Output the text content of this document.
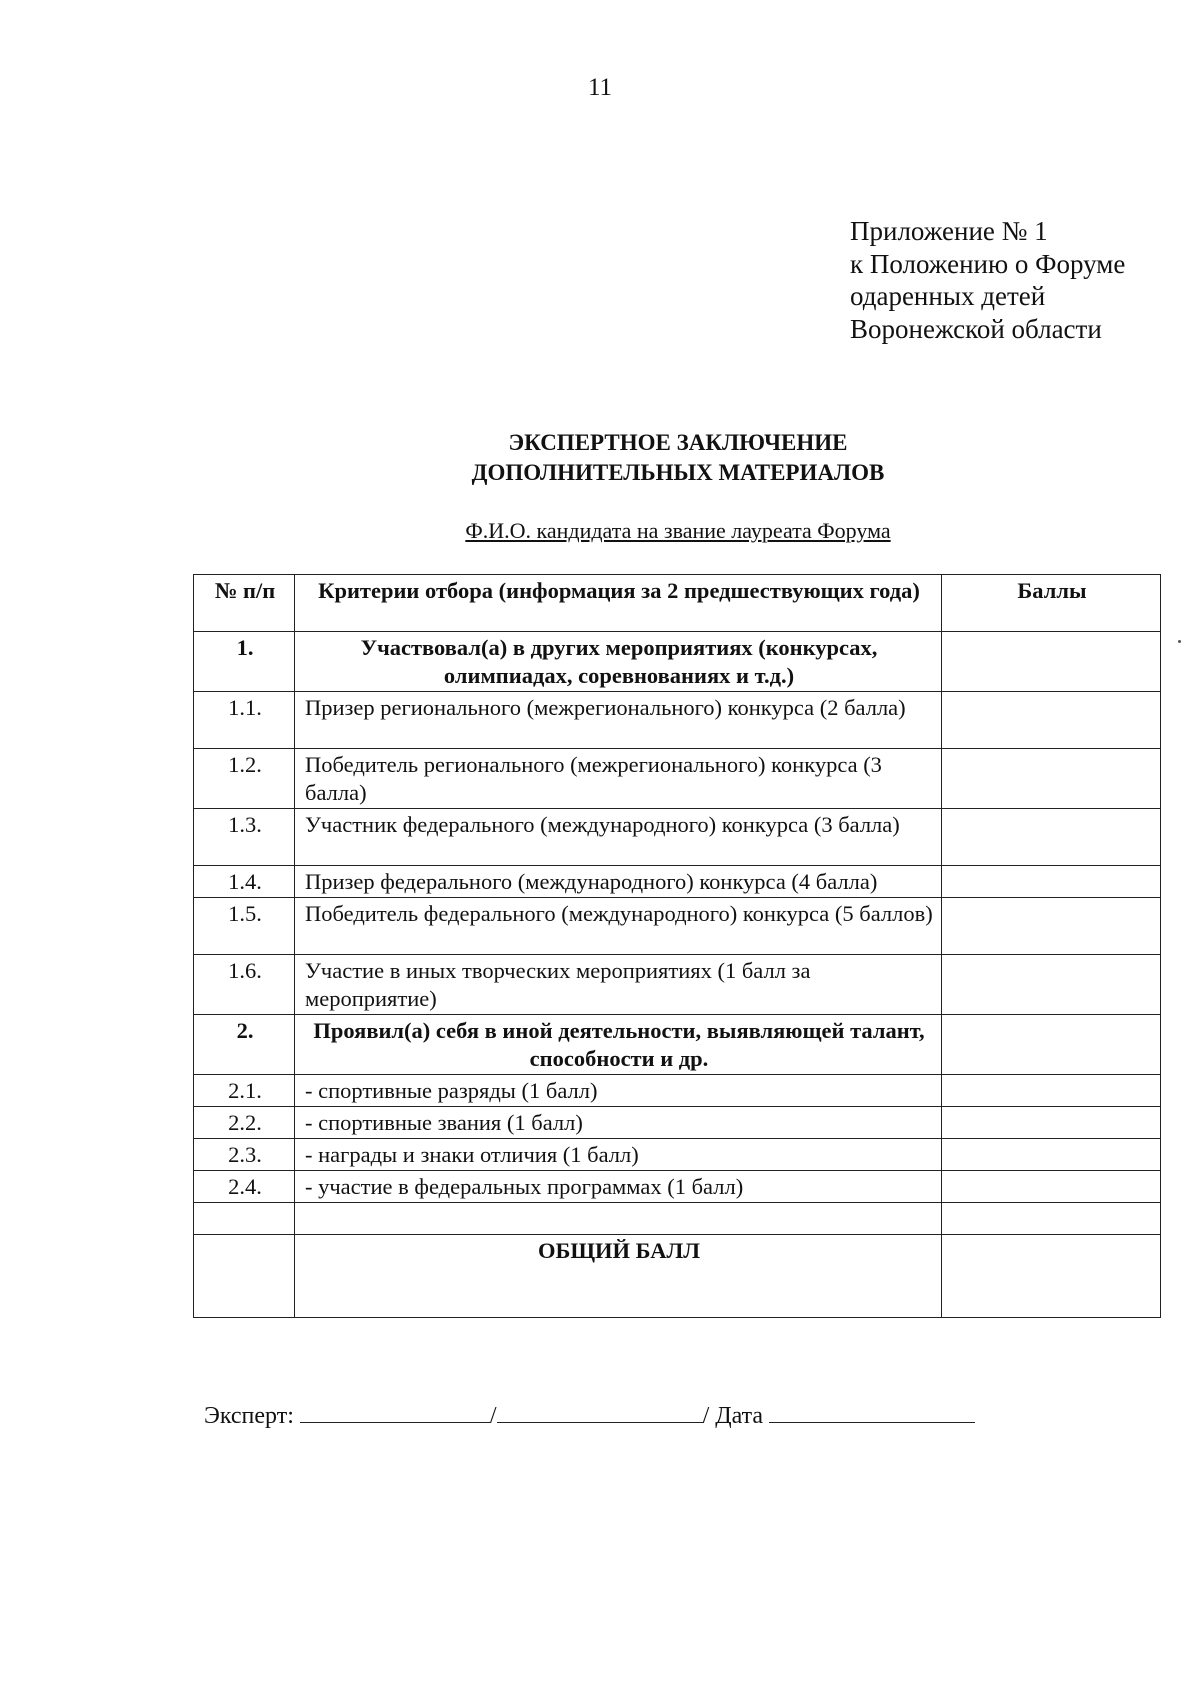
11
Приложение № 1
к Положению о Форуме
одаренных детей
Воронежской области
ЭКСПЕРТНОЕ ЗАКЛЮЧЕНИЕ
ДОПОЛНИТЕЛЬНЫХ МАТЕРИАЛОВ
Ф.И.О. кандидата на звание лауреата Форума
№ п/п	Критерии отбора (информация за 2 предшествующих года)	Баллы
1.	Участвовал(а) в других мероприятиях (конкурсах, олимпиадах, соревнованиях и т.д.)	
1.1.	Призер регионального (межрегионального) конкурса (2 балла)	
1.2.	Победитель регионального (межрегионального) конкурса (3 балла)	
1.3.	Участник федерального (международного) конкурса (3 балла)	
1.4.	Призер федерального (международного) конкурса (4 балла)	
1.5.	Победитель федерального (международного) конкурса (5 баллов)	
1.6.	Участие в иных творческих мероприятиях (1 балл за мероприятие)	
2.	Проявил(а) себя в иной деятельности, выявляющей талант, способности и др.	
2.1.	- спортивные разряды (1 балл)	
2.2.	- спортивные звания (1 балл)	
2.3.	- награды и знаки отличия (1 балл)	
2.4.	- участие в федеральных программах (1 балл)	

	ОБЩИЙ БАЛЛ	
Эксперт:	/	/ Дата
